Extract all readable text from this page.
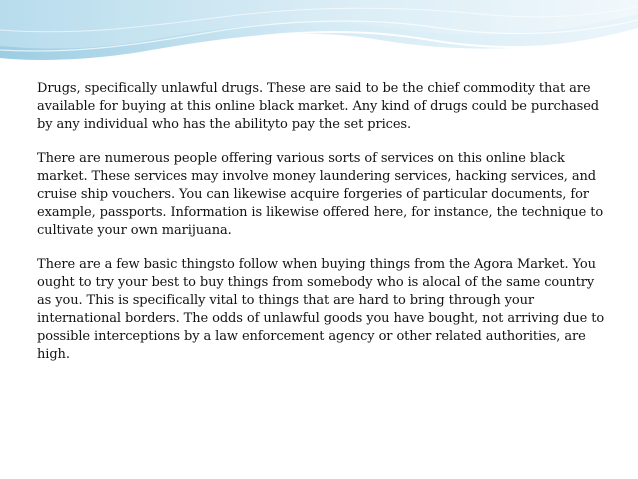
Drugs, specifically unlawful drugs. These are said to be the chief commodity that are available for buying at this online black market. Any kind of drugs could be purchased by any individual who has the abilityto pay the set prices.

There are numerous people offering various sorts of services on this online black market. These services may involve money laundering services, hacking services, and cruise ship vouchers. You can likewise acquire forgeries of particular documents, for example, passports. Information is likewise offered here, for instance, the technique to cultivate your own marijuana.

There are a few basic thingsto follow when buying things from the Agora Market. You ought to try your best to buy things from somebody who is alocal of the same country as you. This is specifically vital to things that are hard to bring through your international borders. The odds of unlawful goods you have bought, not arriving due to possible interceptions by a law enforcement agency or other related authorities, are high.
